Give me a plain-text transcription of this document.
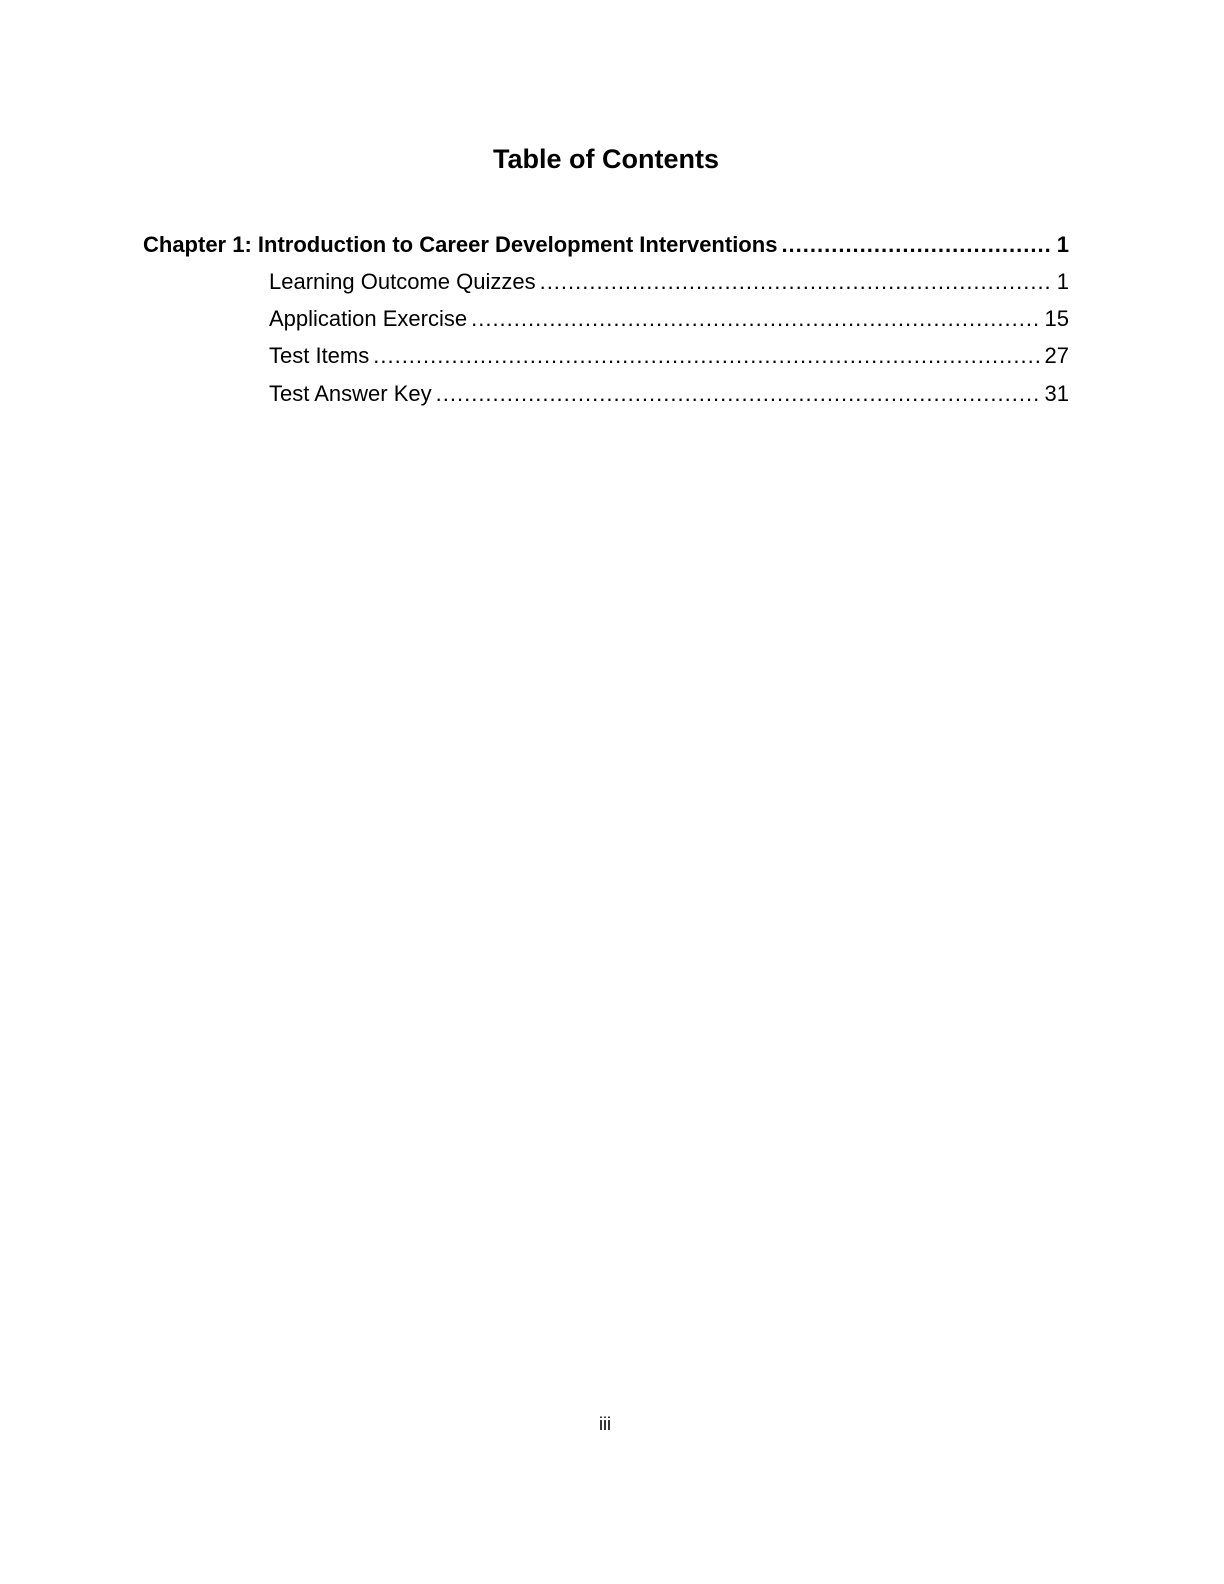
Table of Contents
Chapter 1: Introduction to Career Development Interventions .....	1
Learning Outcome Quizzes .....	1
Application Exercise .....	15
Test Items .....	27
Test Answer Key .....	31
iii
